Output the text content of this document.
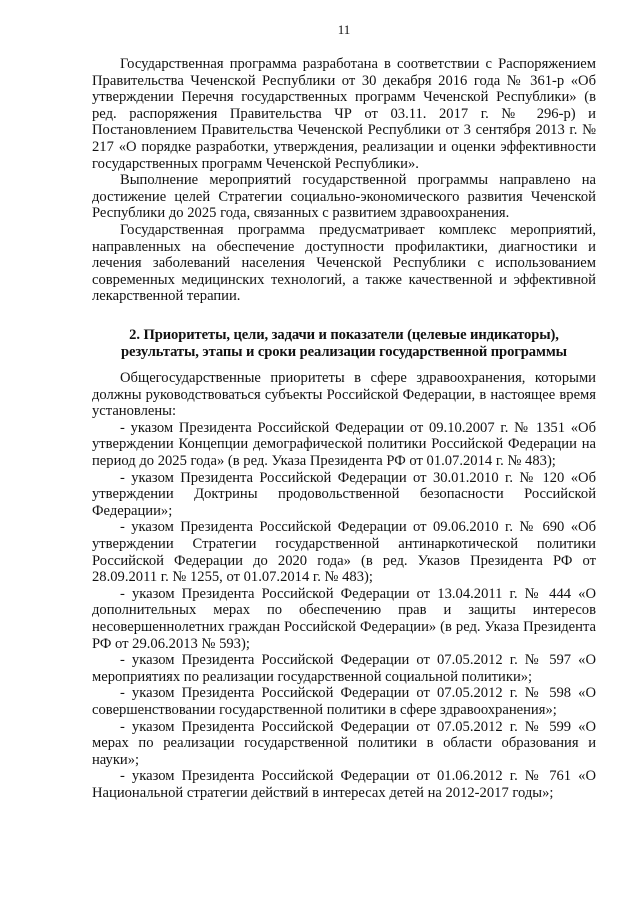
11

Государственная программа разработана в соответствии с Распоряжением Правительства Чеченской Республики от 30 декабря 2016 года № 361-р «Об утверждении Перечня государственных программ Чеченской Республики» (в ред. распоряжения Правительства ЧР от 03.11. 2017 г. № 296-р) и Постановлением Правительства Чеченской Республики от 3 сентября 2013 г. № 217 «О порядке разработки, утверждения, реализации и оценки эффективности государственных программ Чеченской Республики».

Выполнение мероприятий государственной программы направлено на достижение целей Стратегии социально-экономического развития Чеченской Республики до 2025 года, связанных с развитием здравоохранения.

Государственная программа предусматривает комплекс мероприятий, направленных на обеспечение доступности профилактики, диагностики и лечения заболеваний населения Чеченской Республики с использованием современных медицинских технологий, а также качественной и эффективной лекарственной терапии.

2. Приоритеты, цели, задачи и показатели (целевые индикаторы),
результаты, этапы и сроки реализации государственной программы

Общегосударственные приоритеты в сфере здравоохранения, которыми должны руководствоваться субъекты Российской Федерации, в настоящее время установлены:

- указом Президента Российской Федерации от 09.10.2007 г. № 1351 «Об утверждении Концепции демографической политики Российской Федерации на период до 2025 года» (в ред. Указа Президента РФ от 01.07.2014 г. № 483);

- указом Президента Российской Федерации от 30.01.2010 г. № 120 «Об утверждении Доктрины продовольственной безопасности Российской Федерации»;

- указом Президента Российской Федерации от 09.06.2010 г. № 690 «Об утверждении Стратегии государственной антинаркотической политики Российской Федерации до 2020 года» (в ред. Указов Президента РФ от 28.09.2011 г. № 1255, от 01.07.2014 г. № 483);

- указом Президента Российской Федерации от 13.04.2011 г. № 444 «О дополнительных мерах по обеспечению прав и защиты интересов несовершеннолетних граждан Российской Федерации» (в ред. Указа Президента РФ от 29.06.2013 № 593);

- указом Президента Российской Федерации от 07.05.2012 г. № 597 «О мероприятиях по реализации государственной социальной политики»;

- указом Президента Российской Федерации от 07.05.2012 г. № 598 «О совершенствовании государственной политики в сфере здравоохранения»;

- указом Президента Российской Федерации от 07.05.2012 г. № 599 «О мерах по реализации государственной политики в области образования и науки»;

- указом Президента Российской Федерации от 01.06.2012 г. № 761 «О Национальной стратегии действий в интересах детей на 2012-2017 годы»;
